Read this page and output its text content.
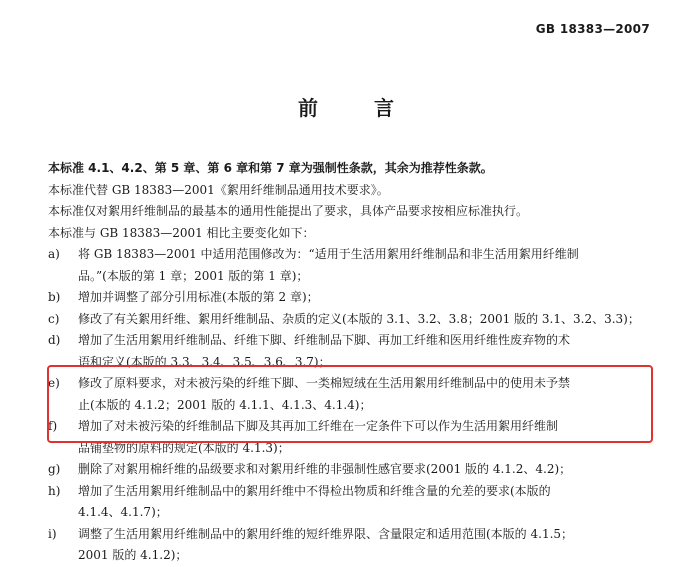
GB 18383—2007
前言
本标准 4.1、4.2、第 5 章、第 6 章和第 7 章为强制性条款，其余为推荐性条款。
本标准代替 GB 18383—2001《絮用纤维制品通用技术要求》。
本标准仅对絮用纤维制品的最基本的通用性能提出了要求，具体产品要求按相应标准执行。
本标准与 GB 18383—2001 相比主要变化如下：
a) 将 GB 18383—2001 中适用范围修改为：“适用于生活用絮用纤维制品和非生活用絮用纤维制
品。”(本版的第 1 章；2001 版的第 1 章)；
b) 增加并调整了部分引用标准(本版的第 2 章)；
c) 修改了有关絮用纤维、絮用纤维制品、杂质的定义(本版的 3.1、3.2、3.8；2001 版的 3.1、3.2、3.3)；
d) 增加了生活用絮用纤维制品、纤维下脚、纤维制品下脚、再加工纤维和医用纤维性废弃物的术
语和定义(本版的 3.3、3.4、3.5、3.6、3.7)；
e) 修改了原料要求，对未被污染的纤维下脚、一类棉短绒在生活用絮用纤维制品中的使用未予禁
止(本版的 4.1.2；2001 版的 4.1.1、4.1.3、4.1.4)；
f) 增加了对未被污染的纤维制品下脚及其再加工纤维在一定条件下可以作为生活用絮用纤维制
品铺垫物的原料的规定(本版的 4.1.3)；
g) 删除了对絮用棉纤维的品级要求和对絮用纤维的非强制性感官要求(2001 版的 4.1.2、4.2)；
h) 增加了生活用絮用纤维制品中的絮用纤维中不得检出物质和纤维含量的允差的要求(本版的
4.1.4、4.1.7)；
i) 调整了生活用絮用纤维制品中的絮用纤维的短纤维界限、含量限定和适用范围(本版的 4.1.5；
2001 版的 4.1.2)；
